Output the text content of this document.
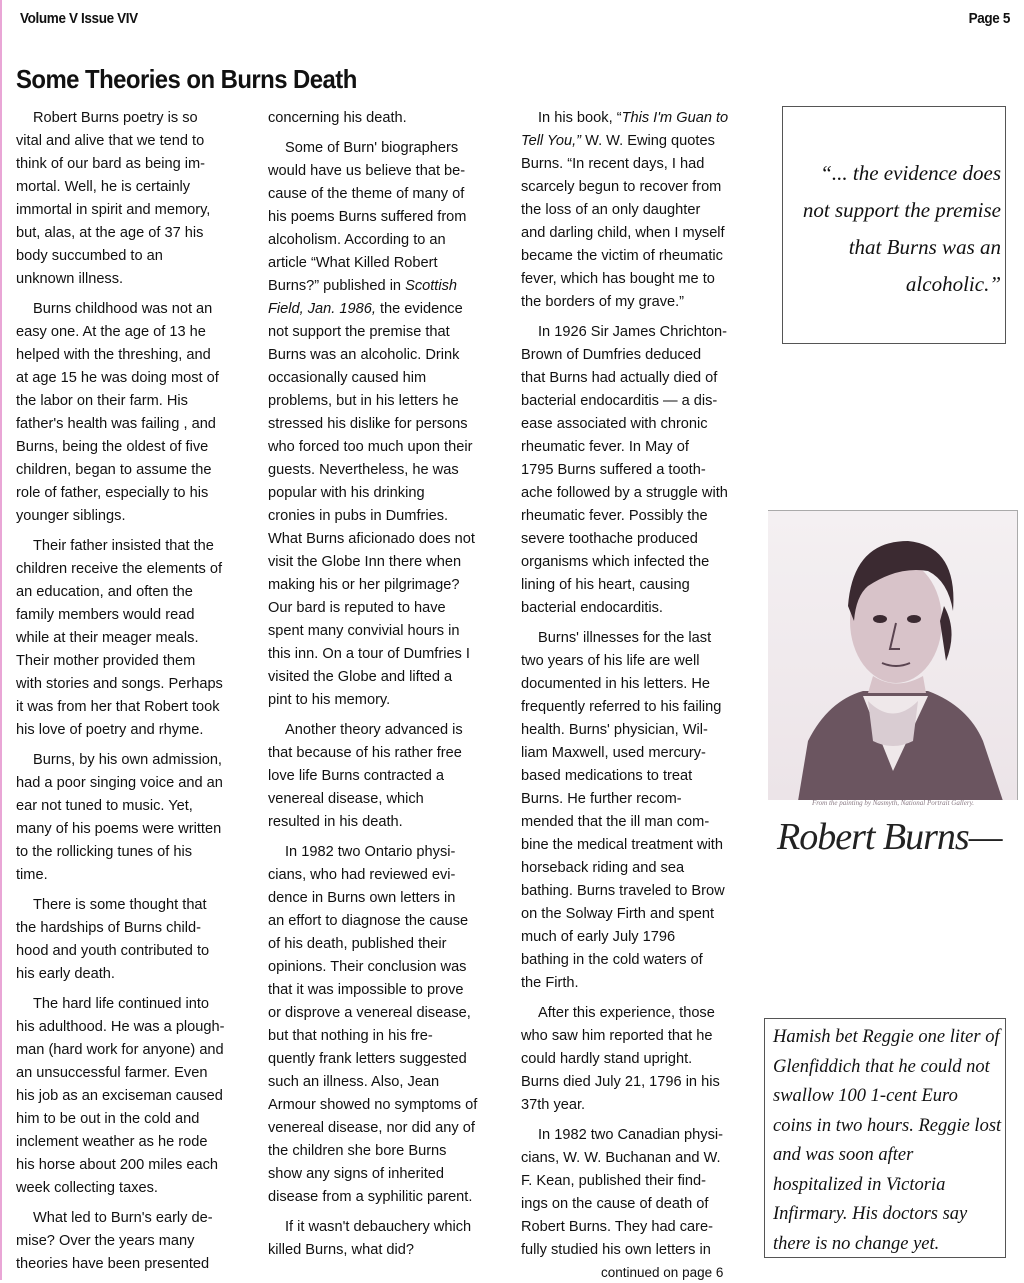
Volume V Issue VIV	Page 5
Some Theories on Burns Death
Robert Burns poetry is so
vital and alive that we tend to
think of our bard as being im-
mortal. Well, he is certainly
immortal in spirit and memory,
but, alas, at the age of 37 his
body succumbed to an
unknown illness.
Burns childhood was not an
easy one. At the age of 13 he
helped with the threshing, and
at age 15 he was doing most of
the labor on their farm. His
father's health was failing , and
Burns, being the oldest of five
children, began to assume the
role of father, especially to his
younger siblings.
Their father insisted that the
children receive the elements of
an education, and often the
family members would read
while at their meager meals.
Their mother provided them
with stories and songs. Perhaps
it was from her that Robert took
his love of poetry and rhyme.
Burns, by his own admission,
had a poor singing voice and an
ear not tuned to music. Yet,
many of his poems were written
to the rollicking tunes of his
time.
There is some thought that
the hardships of Burns child-
hood and youth contributed to
his early death.
The hard life continued into
his adulthood. He was a plough-
man (hard work for anyone) and
an unsuccessful farmer. Even
his job as an exciseman caused
him to be out in the cold and
inclement weather as he rode
his horse about 200 miles each
week collecting taxes.
What led to Burn's early de-
mise? Over the years many
theories have been presented
concerning his death.
Some of Burn' biographers
would have us believe that be-
cause of the theme of many of
his poems Burns suffered from
alcoholism. According to an
article “What Killed Robert
Burns?” published in Scottish
Field, Jan. 1986, the evidence
not support the premise that
Burns was an alcoholic. Drink
occasionally caused him
problems, but in his letters he
stressed his dislike for persons
who forced too much upon their
guests. Nevertheless, he was
popular with his drinking
cronies in pubs in Dumfries.
What Burns aficionado does not
visit the Globe Inn there when
making his or her pilgrimage?
Our bard is reputed to have
spent many convivial hours in
this inn. On a tour of Dumfries I
visited the Globe and lifted a
pint to his memory.
Another theory advanced is
that because of his rather free
love life Burns contracted a
venereal disease, which
resulted in his death.
In 1982 two Ontario physi-
cians, who had reviewed evi-
dence in Burns own letters in
an effort to diagnose the cause
of his death, published their
opinions. Their conclusion was
that it was impossible to prove
or disprove a venereal disease,
but that nothing in his fre-
quently frank letters suggested
such an illness. Also, Jean
Armour showed no symptoms of
venereal disease, nor did any of
the children she bore Burns
show any signs of inherited
disease from a syphilitic parent.
If it wasn't debauchery which
killed Burns, what did?
In his book, “This I'm Guan to
Tell You,” W. W. Ewing quotes
Burns. “In recent days, I had
scarcely begun to recover from
the loss of an only daughter
and darling child, when I myself
became the victim of rheumatic
fever, which has bought me to
the borders of my grave.”
In 1926 Sir James Chrichton-
Brown of Dumfries deduced
that Burns had actually died of
bacterial endocarditis — a dis-
ease associated with chronic
rheumatic fever. In May of
1795 Burns suffered a tooth-
ache followed by a struggle with
rheumatic fever. Possibly the
severe toothache produced
organisms which infected the
lining of his heart, causing
bacterial endocarditis.
Burns' illnesses for the last
two years of his life are well
documented in his letters. He
frequently referred to his failing
health. Burns' physician, Wil-
liam Maxwell, used mercury-
based medications to treat
Burns. He further recom-
mended that the ill man com-
bine the medical treatment with
horseback riding and sea
bathing. Burns traveled to Brow
on the Solway Firth and spent
much of early July 1796
bathing in the cold waters of
the Firth.
After this experience, those
who saw him reported that he
could hardly stand upright.
Burns died July 21, 1796 in his
37th year.
In 1982 two Canadian physi-
cians, W. W. Buchanan and W.
F. Kean, published their find-
ings on the cause of death of
Robert Burns. They had care-
fully studied his own letters in
continued on page 6
“... the evidence does
not support the premise
that Burns was an
alcoholic.”
From the painting by Nasmyth, National Portrait Gallery.
Robert Burns—
Hamish bet Reggie one liter of
Glenfiddich that he could not
swallow 100 1-cent Euro
coins in two hours. Reggie lost
and was soon after
hospitalized in Victoria
Infirmary. His doctors say
there is no change yet.
